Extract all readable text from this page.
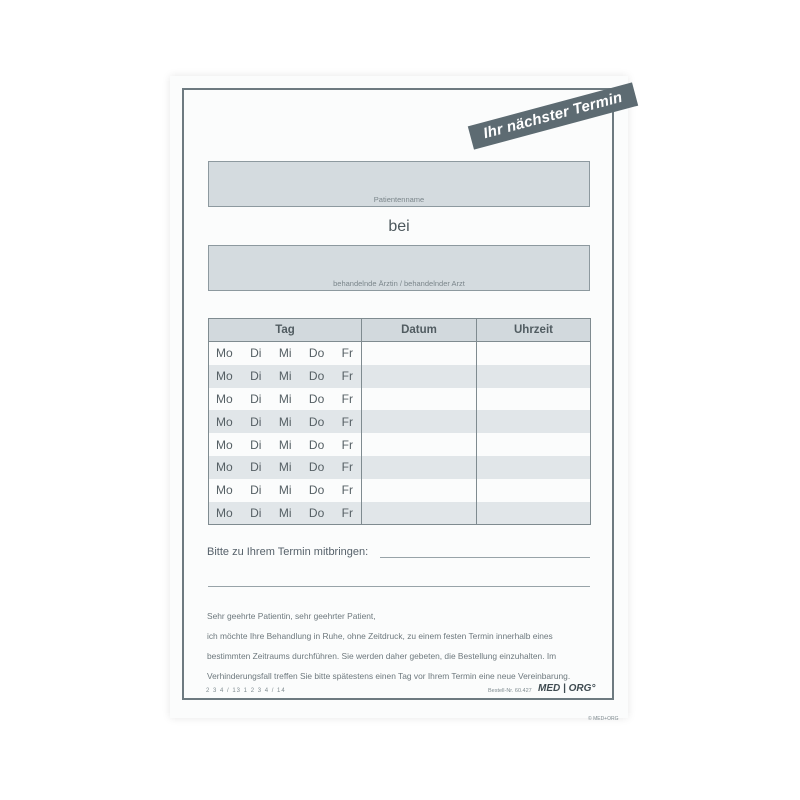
Ihr nächster Termin
Patientenname
bei
behandelnde Ärztin / behandelnder Arzt
Tag	Datum	Uhrzeit

Mo Di Mi Do Fr		

Mo Di Mi Do Fr		

Mo Di Mi Do Fr		

Mo Di Mi Do Fr		

Mo Di Mi Do Fr		

Mo Di Mi Do Fr		

Mo Di Mi Do Fr		

Mo Di Mi Do Fr		

Bitte zu Ihrem Termin mitbringen:
Sehr geehrte Patientin, sehr geehrter Patient,
ich möchte Ihre Behandlung in Ruhe, ohne Zeitdruck, zu einem festen Termin innerhalb eines
bestimmten Zeitraums durchführen. Sie werden daher gebeten, die Bestellung einzuhalten. Im
Verhinderungsfall treffen Sie bitte spätestens einen Tag vor Ihrem Termin eine neue Vereinbarung.
2 3 4 / 13 1 2 3 4 / 14	Bestell-Nr. 60.427 MED | ORG°
© MED+ORG
